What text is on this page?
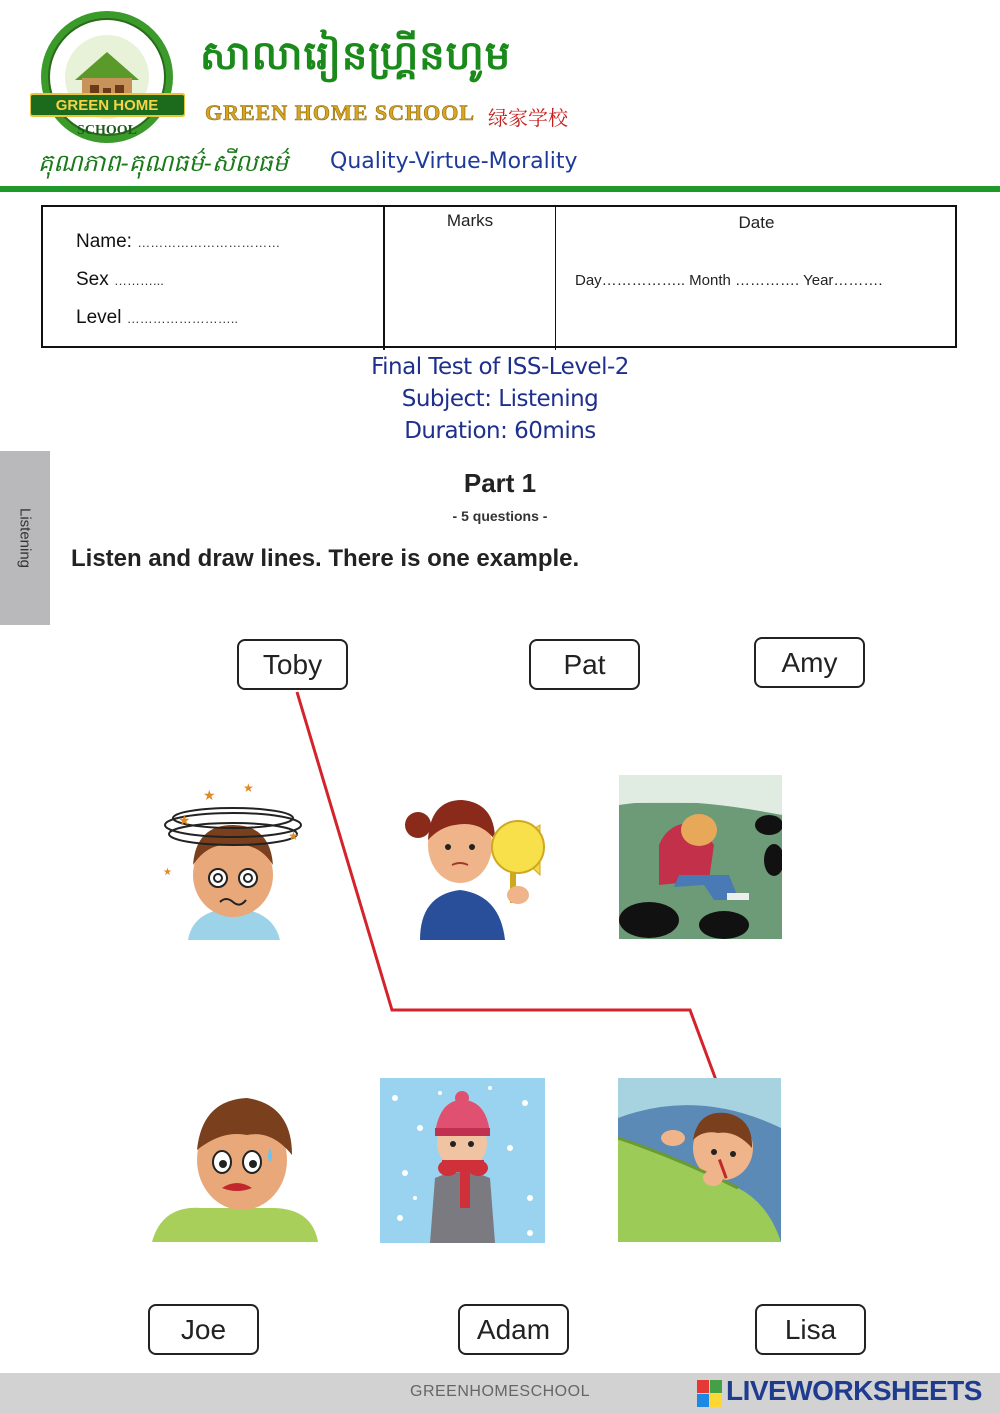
GREEN HOME
SCHOOL
សាលារៀនហ្គ្រីនហូម
GREEN HOME SCHOOL 绿家学校
គុណភាព-គុណធម៌-សីលធម៌ Quality-Virtue-Morality
Name: ……………………………
Sex ………...
Level ……………………..
Marks	Date
Day…………….. Month …………. Year……….
Final Test of ISS-Level-2
Subject: Listening
Duration: 60mins
Listening
Part 1
- 5 questions -
Listen and draw lines. There is one example.
Toby	Pat	Amy
★
★ ★
★
★
Joe	Adam	Lisa
GREENHOMESCHOOL	LIVEWORKSHEETS
